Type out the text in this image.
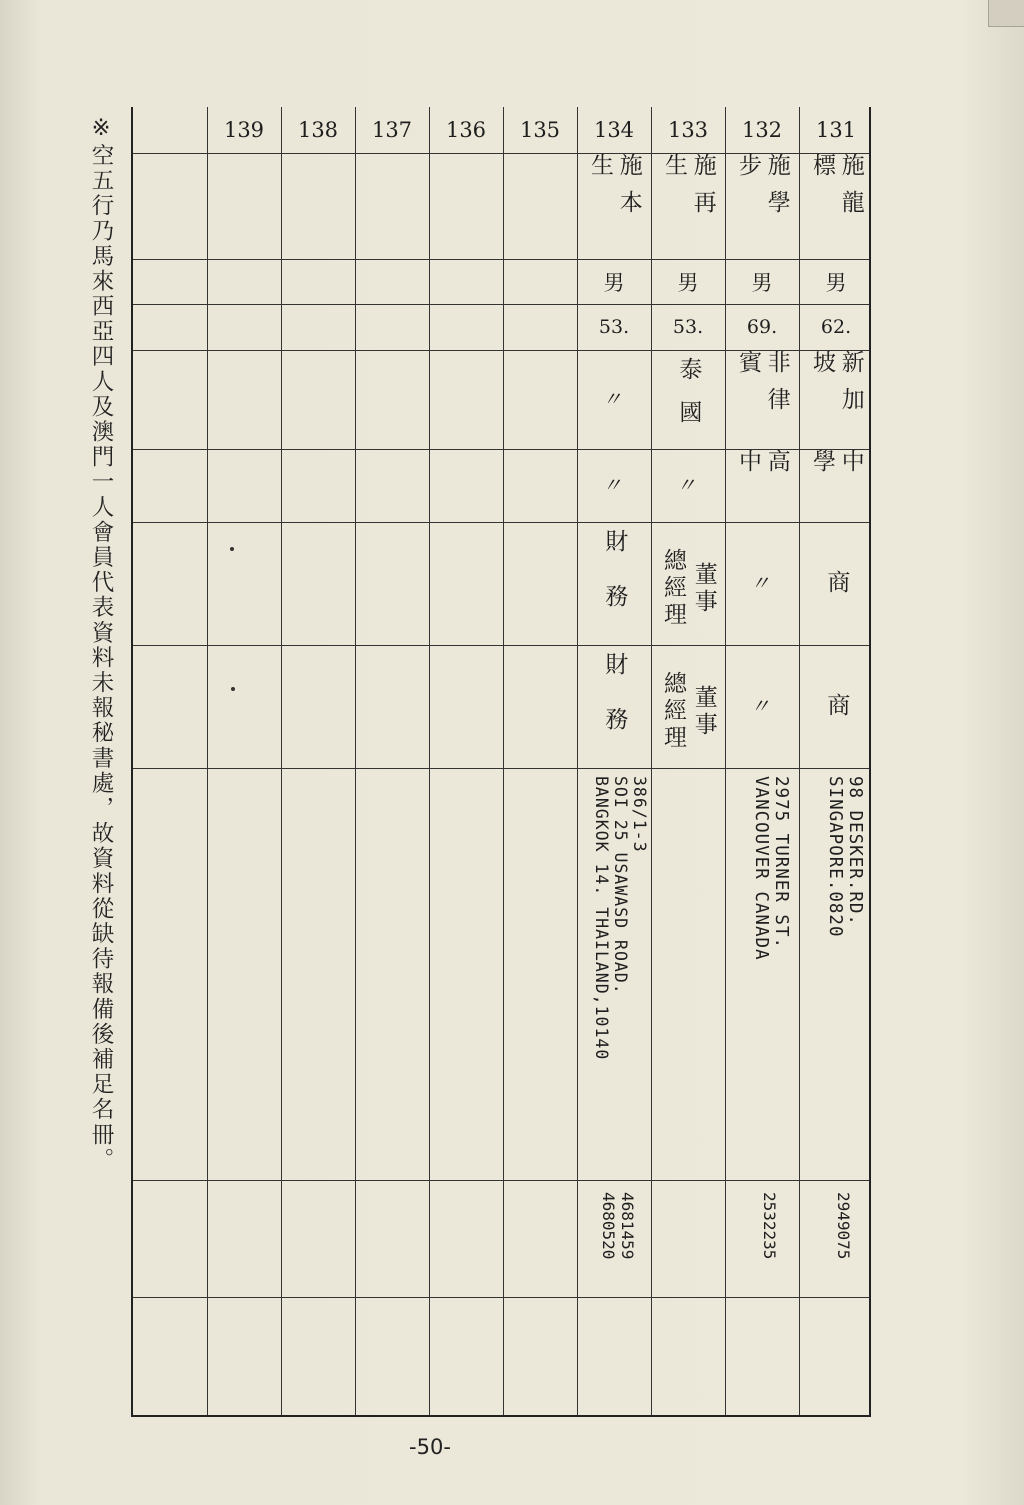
※空五行乃馬來西亞四人及澳門一人會員代表資料未報秘書處，故資料從缺待報備後補足名冊。	131
施龍標
男
62.
新加坡
中學
商
商
98 DESKER.RD.
SINGAPORE.0820
2949075
132
施學步
男
69.
非律賓
高中
〃
〃
2975 TURNER ST.
VANCOUVER CANADA
2532235
133
施再生
男
53.
泰國
〃
董事
總經理
董事
總經理
134
施本生
男
53.
〃
〃
財務
財務
386/1-3
SOI 25 USAWASD ROAD.
BANGKOK 14. THAILAND,10140
4681459
4680520
135
136
137
138
139
-50-
